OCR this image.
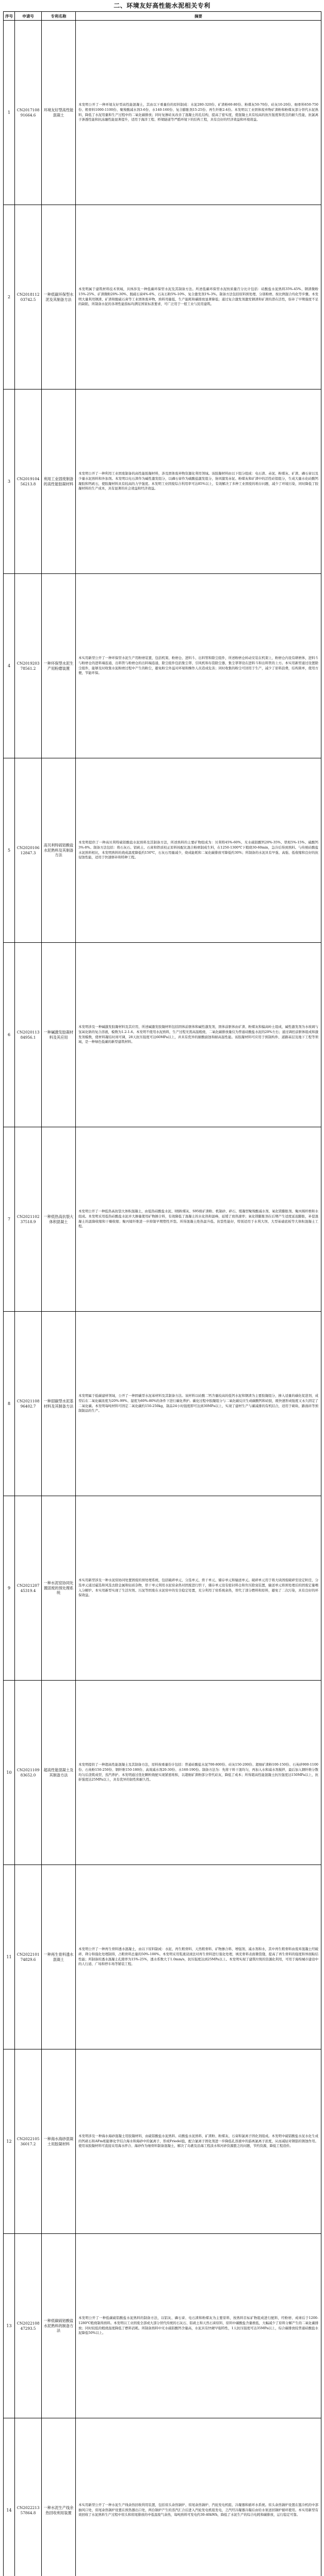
二、环境友好高性能水泥相关专利
序号	申请号	专利名称	摘要
1	CN201710891664.6	环境友好型高性能混凝土	本发明公开了一种环境友好型高性能混凝土，其由以下重量份的原料制成：水泥280-320份、矿渣粉60-80份、粉煤灰50-70份、硅灰10-20份、细骨料650-750份、粗骨料1000-1100份、聚羧酸减水剂3-6份、水140-160份、复合膨胀剂15-25份、再生纤维2-4份。本发明以工业固体废弃物矿渣粉和粉煤灰部分替代水泥熟料，降低了水泥用量和生产过程中的二氧化碳排放；同时复掺硅灰改善了混凝土的孔结构，提高了密实度，使混凝土具有较高的抗压强度和优良的耐久性能，抗氯离子渗透性能和抗冻融性能显著提升，适用于海洋工程、桥梁隧道等严酷环境下的结构工程，具有良好的经济效益和环境效益。

2	CN201811203742.5	一种低碳环保型水泥及其制备方法	本发明属于建筑材料技术领域，具体涉及一种低碳环保型水泥及其制备方法。所述低碳环保型水泥按质量百分比计包括：硅酸盐水泥熟料35%-45%、钢渣微粉15%-25%、矿渣微粉20%-30%、脱硫石膏4%-6%、石灰石粉5%-10%、复合激发剂1%-3%。制备方法包括原料预处理、分别粉磨、按比例混合均化等步骤。本发明大量利用钢渣、矿渣和脱硫石膏等工业固体废弃物，熟料用量低，生产能耗和碳排放显著降低；通过复合激发剂激发钢渣和矿渣的潜在活性，弥补了早期强度不足的缺陷，所制备水泥的各项性能指标均满足国家标准要求，可广泛用于一般工业与民用建筑。

3	CN201910456213.8	利用工业固废制备的高性能胶凝材料	本发明公开了一种利用工业固废制备的高性能胶凝材料，涉及固体废弃物资源化利用领域。该胶凝材料由以下组分组成：电石渣、赤泥、粉煤灰、矿渣、磷石膏以及少量水泥熟料和外加剂。本发明以电石渣作为碱性激发组分，以磷石膏作为硫酸盐激发组分，协同激发赤泥、粉煤灰和矿渣中的活性硅铝组分，生成大量水化硅酸钙凝胶和钙矾石，使胶凝材料具有较高的力学强度。本发明工业固废综合利用率可达85%以上，有效解决了多种工业固废的堆存问题，减少了环境污染，同时降低了胶凝材料的生产成本，具有显著的社会效益和经济效益。

4	CN201920378561.2	一种环保型水泥生产用粉磨装置	本实用新型公开了一种环保型水泥生产用粉磨装置，包括机架、粉磨仓、进料斗、出料管和除尘组件，所述粉磨仓转动安装在机架上，粉磨仓内设有研磨体，进料斗与粉磨仓的进料端连通，出料管与粉磨仓的出料端连通，除尘组件包括集尘罩、引风机和布袋除尘器，集尘罩罩设在进料斗和出料管的上方。本实用新型通过设置除尘组件，能够及时收集水泥粉磨过程中产生的粉尘，避免粉尘外溢对环境和操作人员造成危害；同时收集的粉尘可回用于生产，减少了原料浪费，结构简单，使用方便，节能环保。

5	CN202010612847.3	高贝利特硫铝酸盐水泥熟料及其制备方法	本发明提供了一种高贝利特硫铝酸盐水泥熟料及其制备方法，所述熟料的主要矿物组成为：贝利特45%-60%、无水硫铝酸钙20%-35%、铁相5%-15%、硫酸钙3%-8%。制备方法包括：将石灰石、铝矾土、石膏和铁质校正原料按配比混合粉磨制成生料，在1250-1300℃下煅烧30-60min，急冷后得到熟料。与传统硅酸盐水泥熟料相比，本发明熟料的烧成温度降低约150℃，石灰石用量减少，烧成能耗和二氧化碳排放可降低约30%；所制备的水泥具有早强、高强、低收缩和良好的抗侵蚀性能，适用于快速修补和特种工程。

6	CN202011384956.1	一种碱激发胶凝材料及其应用	本发明涉及一种碱激发胶凝材料及其应用，所述碱激发胶凝材料包括固体前驱体和碱性激发剂，固体前驱体由矿渣、粉煤灰和偏高岭土组成，碱性激发剂为水玻璃与氢氧化钠的复合溶液，模数为1.2-1.6。本发明不使用水泥熟料，生产过程无需高温煅烧，二氧化碳排放量仅为普通硅酸盐水泥的20%左右；通过调控前驱体组成和激发剂模数，使材料凝结时间可调，28天抗压强度可达60MPa以上，并具有优异的耐酸腐蚀和耐高温性能。该胶凝材料可应用于预制构件、道路基层及地下工程等领域，是一种绿色低碳的新型建筑材料。

7	CN202110237518.9	一种低热高抗裂大体积混凝土	本发明公开了一种低热高抗裂大体积混凝土，由低热硅酸盐水泥、Ⅰ级粉煤灰、S95级矿渣粉、机制砂、碎石、缓凝型聚羧酸减水剂、氧化镁膨胀剂、聚丙烯纤维和水组成。本发明采用低热硅酸盐水泥并大掺量使用矿物掺合料，有效降低了混凝土的水化热和温峰，延缓了放热速率；氧化镁膨胀剂在后期产生适度延迟膨胀，补偿混凝土的温降收缩和干燥收缩；聚丙烯纤维进一步抑制早期塑性开裂。所得混凝土绝热温升低、抗裂性能好，特别适用于水利大坝、大型基础底板等大体积混凝土工程。

8	CN202110896402.7	一种固碳型水泥基材料及其制备方法	本发明属于低碳建材领域，公开了一种固碳型水泥基材料及其制备方法。该材料以硅酸二钙含量较高的低钙水泥和钢渣为主要胶凝组分，掺入适量的碳化促进剂，成型后在二氧化碳浓度为20%-99%、湿度为60%-80%的条件下进行碳化养护。碳化过程中胶凝组分与二氧化碳反应生成碳酸钙和硅胶，既快速形成强度又永久固定了二氧化碳。本发明每吨材料可固定二氧化碳约150-250kg，制品24小时强度即可达到30MPa以上，实现了建材生产与碳减排的有机结合，适用于砌块、路面砖等预制制品的生产。

9	CN202120745319.4	一种水泥窑协同处置固废的预处理系统	本实用新型涉及一种水泥窑协同处置固废的预处理系统，包括破碎单元、分选单元、烘干单元、储存单元和输送单元。破碎单元用于将大块固废破碎至设定粒径，分选单元通过磁选和风选去除金属和轻质杂物，烘干单元利用水泥窑余热对固废进行烘干，储存单元设有密封料仓和负压除臭装置，输送单元将预处理后的固废定量喂入分解炉。本实用新型实现了生活垃圾、污泥等固废在水泥窑中的安全稳定处置，充分利用了窑系统余热，替代了部分燃料和原料，避免了二次污染，具有良好的环保效益。

10	CN202110983652.0	超高性能混凝土及其制备方法	本发明提供了一种超高性能混凝土及其制备方法，原料按重量份计包括：普通硅酸盐水泥700-800份、硅灰150-200份、超细矿渣粉100-150份、石英砂900-1100份、石英粉150-250份、钢纤维150-180份、高效减水剂20-30份、水160-190份。制备方法为：先将干料干混均匀，再加入水和减水剂搅拌，最后加入钢纤维分散均匀后浇筑成型，蒸汽养护。本发明通过优化颗粒级配实现紧密堆积，以超细矿渣粉部分替代硅灰，降低了成本；所得超高性能混凝土抗压强度达150MPa以上，抗折强度达25MPa以上，具有优异的韧性和耐久性。

11	CN202210174829.6	一种再生骨料透水混凝土	本发明公开了一种再生骨料透水混凝土，由以下原料制成：水泥、再生粗骨料、天然粗骨料、矿物掺合料、增强剂、减水剂和水，其中再生粗骨料由废弃混凝土经破碎、筛分和强化处理制得，占粗骨料总量的50%-100%。本发明采用浆液浸渍法对再生骨料进行强化处理，填充骨料表面微裂缝，提高了再生骨料的强度和界面粘结性能；所制备的透水混凝土孔隙率为15%-25%，透水系数大于1.0mm/s，抗压强度达到25MPa以上。本发明实现了建筑垃圾的资源化利用，可用于海绵城市建设中的人行道、广场和停车场等铺装工程。

12	CN202210536017.2	一种海水海砂混凝土用胶凝材料	本发明涉及一种海水海砂混凝土用胶凝材料，由硫铝酸盐水泥熟料、硅酸盐水泥熟料、矿渣粉、粉煤灰、石膏和氯离子固化剂组成。本发明中硫铝酸盐水泥水化生成的钙矾石和AFm相能够化学结合海水和海砂中的氯离子，形成Friedel盐，配合氯离子固化剂进一步降低孔溶液中的游离氯离子浓度，从而减轻对钢筋的锈蚀作用。使用该胶凝材料可直接采用海水拌合、海砂作为细骨料制备混凝土，解决了岛礁及沿海工程淡水和河砂资源匮乏的问题，节约资源，降低工程造价。

13	CN202210847293.5	一种低碳硫铝酸盐水泥熟料的制备方法	本发明公开了一种低碳硫铝酸盐水泥熟料的制备方法，以铝灰、磷石膏、电石渣和粉煤灰为主要原料，按熟料目标矿物组成进行配料，经粉磨、成球后于1200-1280℃煅烧制得熟料。本发明以工业固废全部或大部分替代传统的石灰石、铝矾土和天然石膏原料，原料中碳酸盐含量极低，大幅减少了原料分解产生的二氧化碳排放；同时较低的煅烧温度降低了燃料消耗。所制备熟料中无水硫铝酸钙含量高，水泥具有快硬早强特性，1天抗压强度可达35MPa以上，综合碳排放较普通硅酸盐水泥降低50%以上。

14	CN202221357864.8	一种水泥生产线余热回收利用装置	本实用新型公开了一种水泥生产线余热回收利用装置，包括窑头余热锅炉、窑尾余热锅炉、汽轮发电机组、冷凝器和循环水系统。窑头余热锅炉设置在篦冷机的中部抽风口处，窑尾余热锅炉设置在预热器出口处，两台锅炉产生的蒸汽汇合后进入汽轮发电机组发电，乏汽经冷凝器冷凝后由给水泵送回锅炉循环使用。本实用新型有效回收了水泥熟料生产过程中窑头和窑尾排放的中低温废气余热，每吨熟料可发电约30-40kWh，降低了水泥生产的综合电耗和碳排放，运行稳定可靠。
